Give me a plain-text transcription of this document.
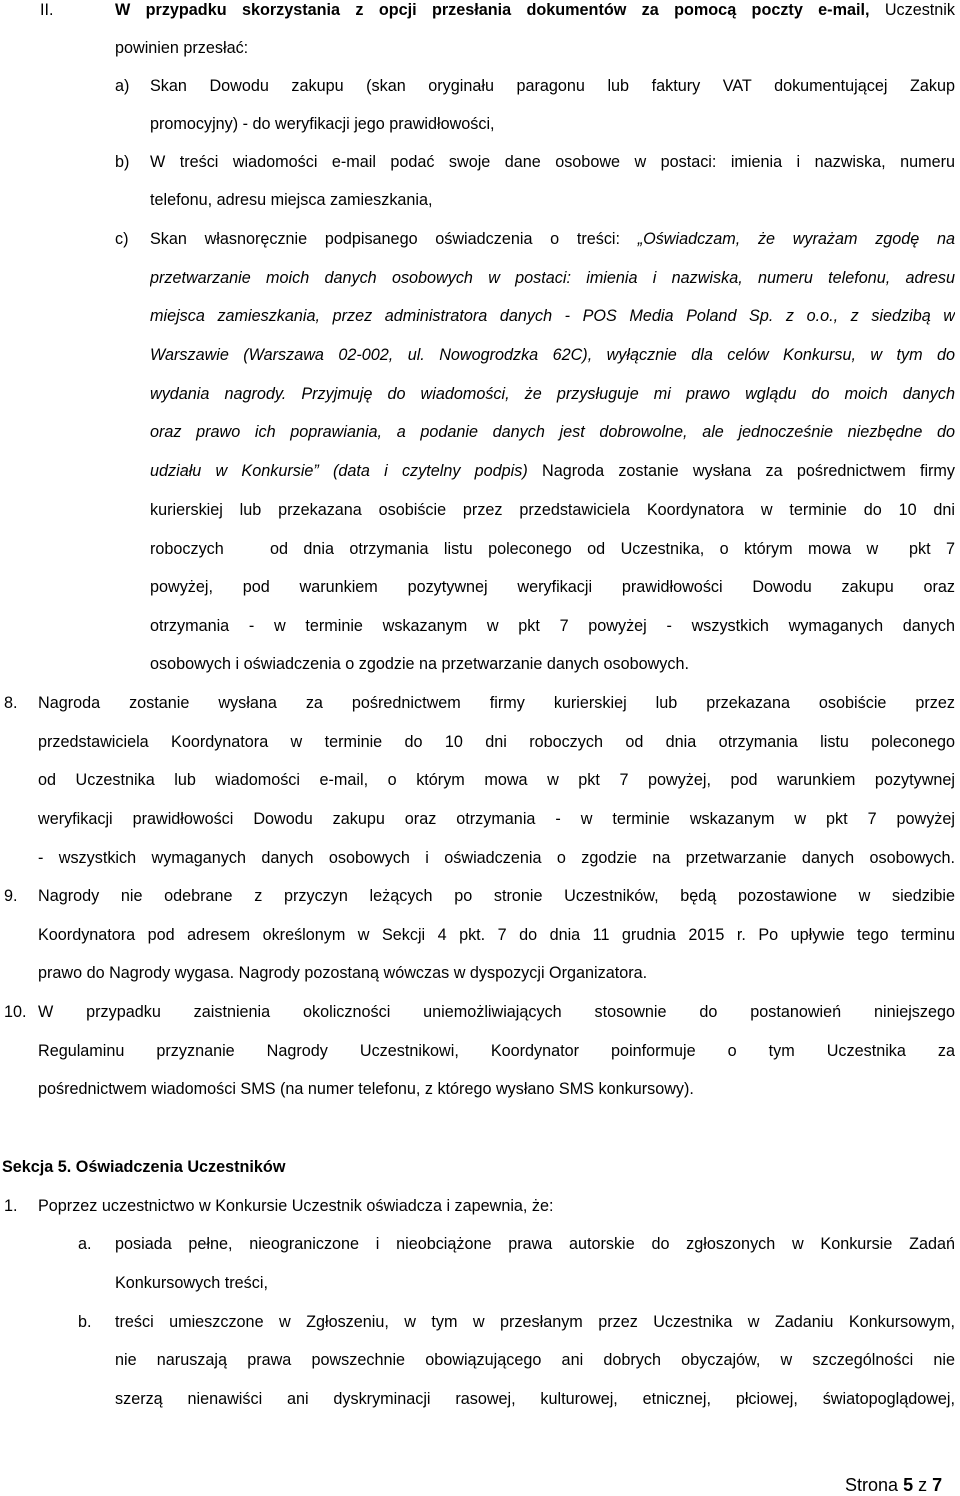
II.	W przypadku skorzystania z opcji przesłania dokumentów za pomocą poczty e-mail, Uczestnik
powinien przesłać:
a) Skan Dowodu zakupu (skan oryginału paragonu lub faktury VAT dokumentującej Zakup
promocyjny) - do weryfikacji jego prawidłowości,
b) W treści wiadomości e-mail podać swoje dane osobowe w postaci: imienia i nazwiska, numeru
telefonu, adresu miejsca zamieszkania,
c) Skan własnoręcznie podpisanego oświadczenia o treści: „Oświadczam, że wyrażam zgodę na
przetwarzanie moich danych osobowych w postaci: imienia i nazwiska, numeru telefonu, adresu
miejsca zamieszkania, przez administratora danych - POS Media Poland Sp. z o.o., z siedzibą w
Warszawie (Warszawa 02-002, ul. Nowogrodzka 62C), wyłącznie dla celów Konkursu, w tym do
wydania nagrody. Przyjmuję do wiadomości, że przysługuje mi prawo wglądu do moich danych
oraz prawo ich poprawiania, a podanie danych jest dobrowolne, ale jednocześnie niezbędne do
udziału w Konkursie” (data i czytelny podpis) Nagroda zostanie wysłana za pośrednictwem firmy
kurierskiej lub przekazana osobiście przez przedstawiciela Koordynatora w terminie do 10 dni
roboczych   od dnia otrzymania listu poleconego od Uczestnika, o którym mowa w  pkt 7
powyżej, pod warunkiem pozytywnej weryfikacji prawidłowości Dowodu zakupu oraz
otrzymania - w terminie wskazanym w pkt 7 powyżej - wszystkich wymaganych danych
osobowych i oświadczenia o zgodzie na przetwarzanie danych osobowych.
8. Nagroda zostanie wysłana za pośrednictwem firmy kurierskiej lub przekazana osobiście przez
przedstawiciela Koordynatora w terminie do 10 dni roboczych od dnia otrzymania listu poleconego
od Uczestnika lub wiadomości e-mail, o którym mowa w pkt 7 powyżej, pod warunkiem pozytywnej
weryfikacji prawidłowości Dowodu zakupu oraz otrzymania - w terminie wskazanym w pkt 7 powyżej
- wszystkich wymaganych danych osobowych i oświadczenia o zgodzie na przetwarzanie danych osobowych.
9. Nagrody nie odebrane z przyczyn leżących po stronie Uczestników, będą pozostawione w siedzibie
Koordynatora pod adresem określonym w Sekcji 4 pkt. 7 do dnia 11 grudnia 2015 r. Po upływie tego terminu
prawo do Nagrody wygasa. Nagrody pozostaną wówczas w dyspozycji Organizatora.
10. W przypadku zaistnienia okoliczności uniemożliwiających stosownie do postanowień niniejszego
Regulaminu przyznanie Nagrody Uczestnikowi, Koordynator poinformuje o tym Uczestnika za
pośrednictwem wiadomości SMS (na numer telefonu, z którego wysłano SMS konkursowy).
Sekcja 5. Oświadczenia Uczestników
1. Poprzez uczestnictwo w Konkursie Uczestnik oświadcza i zapewnia, że:
a. posiada pełne, nieograniczone i nieobciążone prawa autorskie do zgłoszonych w Konkursie Zadań
Konkursowych treści,
b. treści umieszczone w Zgłoszeniu, w tym w przesłanym przez Uczestnika w Zadaniu Konkursowym,
nie naruszają prawa powszechnie obowiązującego ani dobrych obyczajów, w szczególności nie
szerzą nienawiści ani dyskryminacji rasowej, kulturowej, etnicznej, płciowej, światopoglądowej,
Strona 5 z 7
